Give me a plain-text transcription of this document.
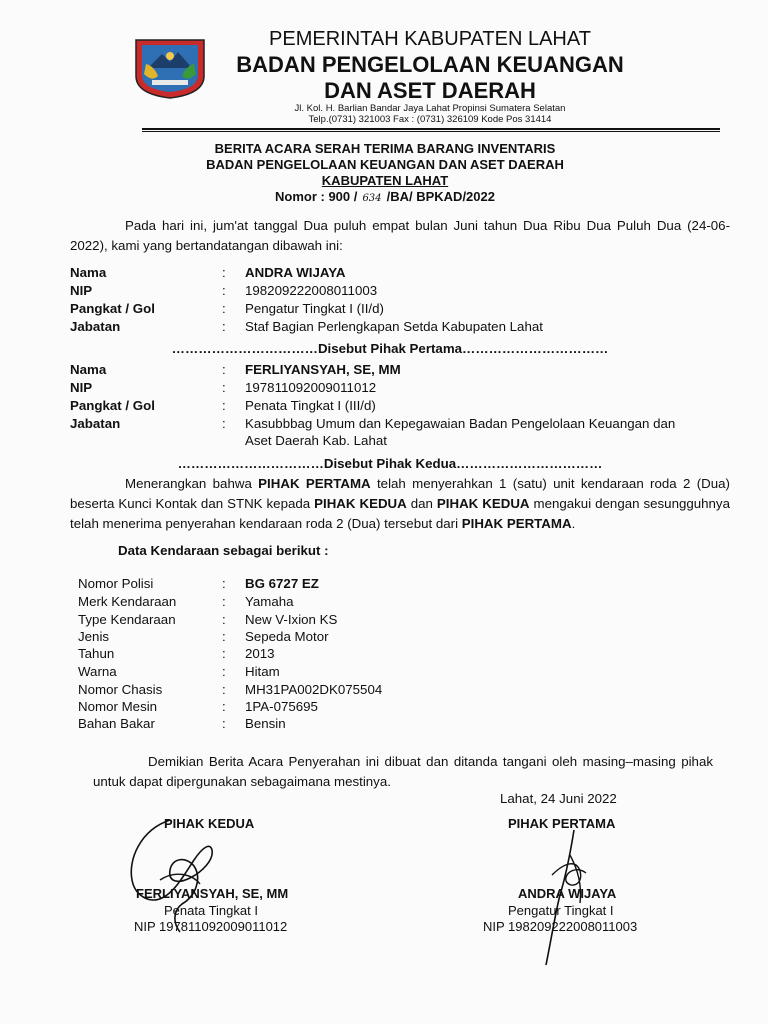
PEMERINTAH KABUPATEN LAHAT
BADAN PENGELOLAAN KEUANGAN
DAN ASET DAERAH
Jl. Kol. H. Barlian Bandar Jaya Lahat Propinsi Sumatera Selatan
Telp.(0731) 321003 Fax : (0731) 326109 Kode Pos 31414
BERITA ACARA SERAH TERIMA BARANG INVENTARIS
BADAN PENGELOLAAN KEUANGAN DAN ASET DAERAH
KABUPATEN LAHAT
Nomor : 900 / 634 /BA/ BPKAD/2022
Pada hari ini, jum'at tanggal Dua puluh empat bulan Juni tahun Dua Ribu Dua Puluh Dua (24-06-2022), kami yang bertandatangan dibawah ini:
Nama	: ANDRA WIJAYA
NIP	: 198209222008011003
Pangkat / Gol	: Pengatur Tingkat I (II/d)
Jabatan	: Staf Bagian Perlengkapan Setda Kabupaten Lahat
……………………………Disebut Pihak Pertama……………………………
Nama	: FERLIYANSYAH, SE, MM
NIP	: 197811092009011012
Pangkat / Gol	: Penata Tingkat I (III/d)
Jabatan	: Kasubbbag Umum dan Kepegawaian Badan Pengelolaan Keuangan dan
Aset Daerah Kab. Lahat
……………………………Disebut Pihak Kedua……………………………
Menerangkan bahwa PIHAK PERTAMA telah menyerahkan 1 (satu) unit kendaraan roda 2 (Dua) beserta Kunci Kontak dan STNK kepada PIHAK KEDUA dan PIHAK KEDUA mengakui dengan sesungguhnya telah menerima penyerahan kendaraan roda 2 (Dua) tersebut dari PIHAK PERTAMA.
Data Kendaraan sebagai berikut :
Nomor Polisi	: BG 6727 EZ
Merk Kendaraan	: Yamaha
Type Kendaraan	: New V-Ixion KS
Jenis	: Sepeda Motor
Tahun	: 2013
Warna	: Hitam
Nomor Chasis	: MH31PA002DK075504
Nomor Mesin	: 1PA-075695
Bahan Bakar	: Bensin
Demikian Berita Acara Penyerahan ini dibuat dan ditanda tangani oleh masing–masing pihak untuk dapat dipergunakan sebagaimana mestinya.
Lahat, 24 Juni 2022
PIHAK KEDUA
FERLIYANSYAH, SE, MM
Penata Tingkat I
NIP 197811092009011012
PIHAK PERTAMA
ANDRA WIJAYA
Pengatur Tingkat I
NIP 198209222008011003
